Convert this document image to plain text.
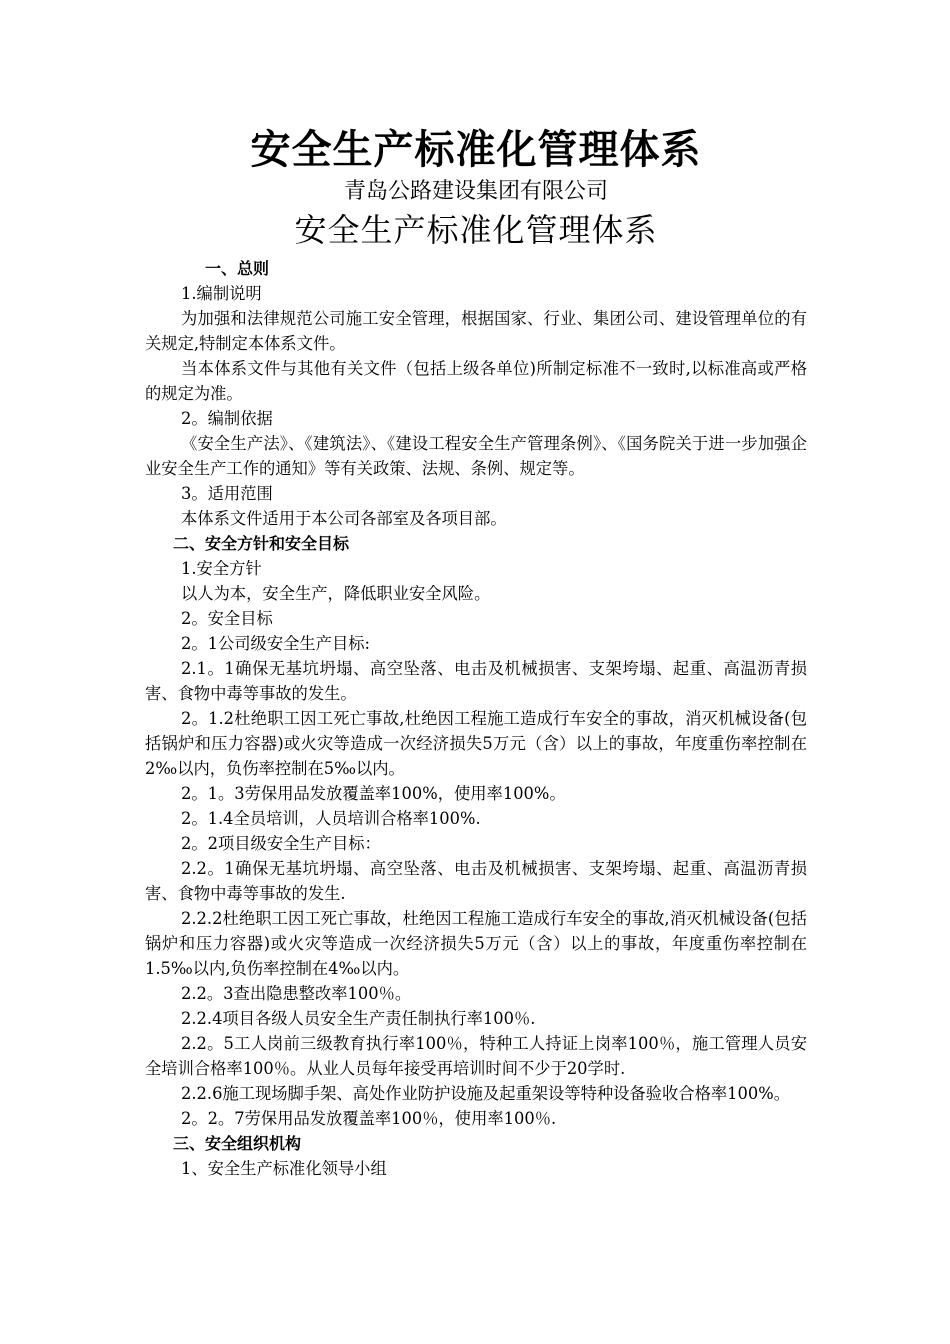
安全生产标准化管理体系

青岛公路建设集团有限公司

安全生产标准化管理体系

一、总则

1.编制说明

为加强和法律规范公司施工安全管理，根据国家、行业、集团公司、建设管理单位的有关规定,特制定本体系文件。

当本体系文件与其他有关文件（包括上级各单位)所制定标准不一致时,以标准高或严格的规定为准。

2。编制依据

《安全生产法》、《建筑法》、《建设工程安全生产管理条例》、《国务院关于进一步加强企业安全生产工作的通知》等有关政策、法规、条例、规定等。

3。适用范围

本体系文件适用于本公司各部室及各项目部。

二、安全方针和安全目标

1.安全方针

以人为本，安全生产，降低职业安全风险。

2。安全目标

2。1公司级安全生产目标:

2.1。1确保无基坑坍塌、高空坠落、电击及机械损害、支架垮塌、起重、高温沥青损害、食物中毒等事故的发生。

2。1.2杜绝职工因工死亡事故,杜绝因工程施工造成行车安全的事故，消灭机械设备(包括锅炉和压力容器)或火灾等造成一次经济损失5万元（含）以上的事故，年度重伤率控制在2‰以内，负伤率控制在5‰以内。

2。1。3劳保用品发放覆盖率100%，使用率100%。

2。1.4全员培训，人员培训合格率100%.

2。2项目级安全生产目标：

2.2。1确保无基坑坍塌、高空坠落、电击及机械损害、支架垮塌、起重、高温沥青损害、食物中毒等事故的发生.

2.2.2杜绝职工因工死亡事故，杜绝因工程施工造成行车安全的事故,消灭机械设备(包括锅炉和压力容器)或火灾等造成一次经济损失5万元（含）以上的事故，年度重伤率控制在1.5‰以内,负伤率控制在4‰以内。

2.2。3查出隐患整改率100％。

2.2.4项目各级人员安全生产责任制执行率100％.

2.2。5工人岗前三级教育执行率100％，特种工人持证上岗率100％，施工管理人员安全培训合格率100％。从业人员每年接受再培训时间不少于20学时.

2.2.6施工现场脚手架、高处作业防护设施及起重架设等特种设备验收合格率100%。

2。2。7劳保用品发放覆盖率100％，使用率100％.

三、安全组织机构

1、安全生产标准化领导小组
